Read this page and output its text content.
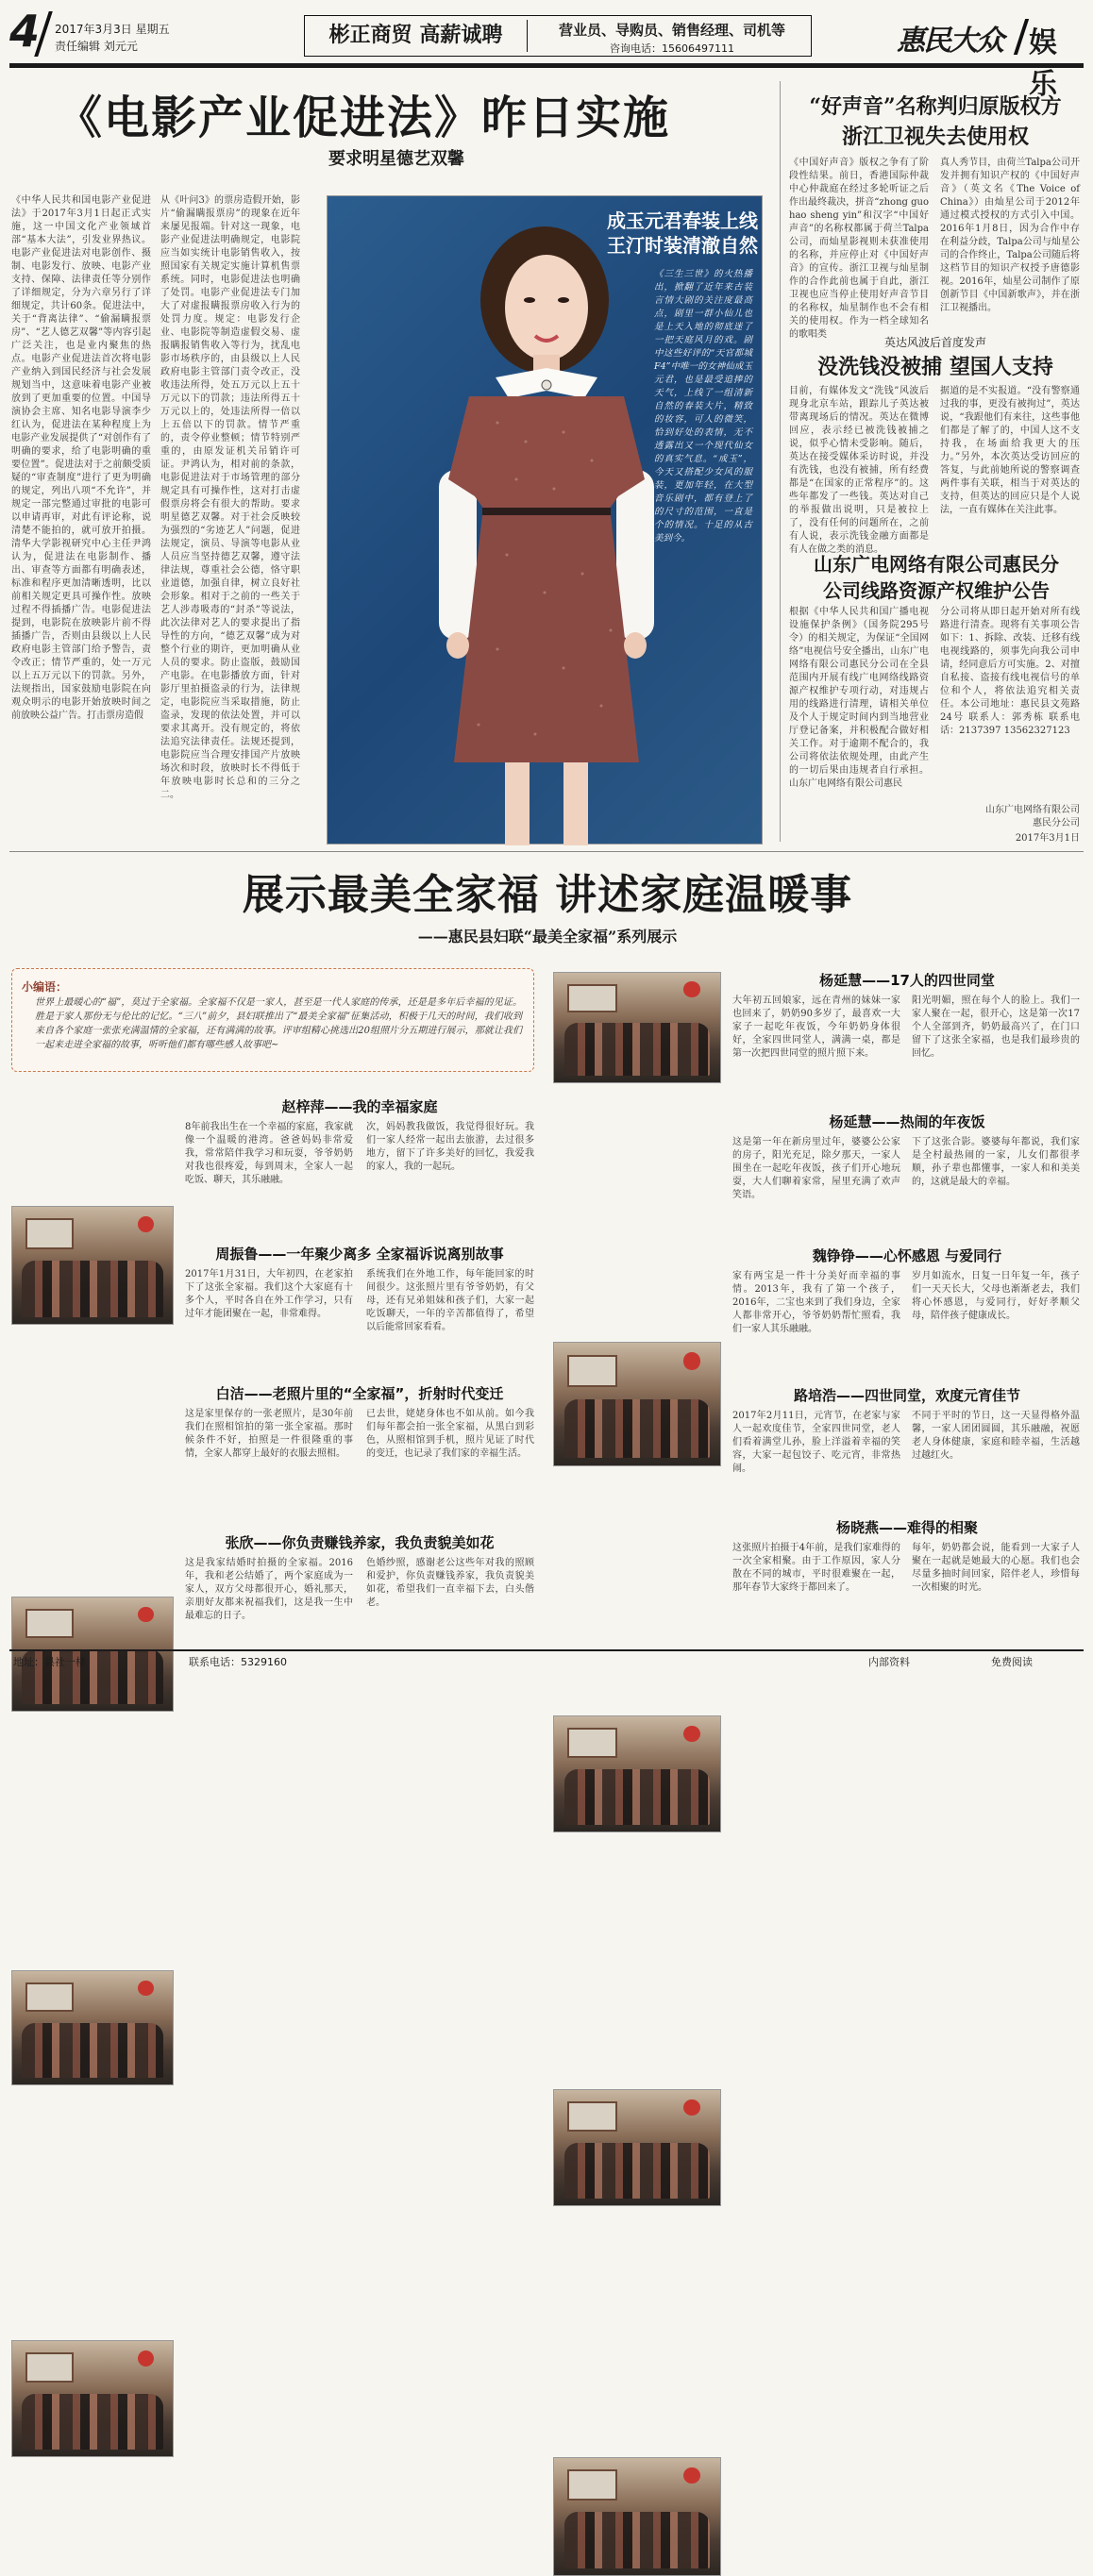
4 2017年3月3日 星期五
责任编辑 刘元元	彬正商贸 高薪诚聘	营业员、导购员、销售经理、司机等
咨询电话：15606497111	惠民大众 娱乐
《电影产业促进法》昨日实施
要求明星德艺双馨
《中华人民共和国电影产业促进法》于2017年3月1日起正式实施，这一中国文化产业领域首部“基本大法”，引发业界热议。电影产业促进法对电影创作、摄制、电影发行、放映、电影产业支持、保障、法律责任等分别作了详细规定，分为六章另行了详细规定，共计60条。促进法中，关于“背离法律”、“偷漏瞒报票房”、“艺人德艺双馨”等内容引起广泛关注，也是业内聚焦的热点。电影产业促进法首次将电影产业纳入到国民经济与社会发展规划当中，这意味着电影产业被放到了更加重要的位置。中国导演协会主席、知名电影导演李少红认为，促进法在某种程度上为电影产业发展提供了“对创作有了明确的要求，给了电影明确的重要位置”。促进法对于之前颇受质疑的“审查制度”进行了更为明确的规定，列出八项“不允许”，并规定一部完整通过审批的电影可以申请再审，对此有评论称，说清楚不能拍的，就可放开拍摄。清华大学影视研究中心主任尹鸿认为，促进法在电影制作、播出、审查等方面都有明确表述，标准和程序更加清晰透明，比以前相关规定更具可操作性。放映过程不得插播广告。电影促进法提到，电影院在放映影片前不得插播广告，否则由县级以上人民政府电影主管部门给予警告，责令改正；情节严重的，处一万元以上五万元以下的罚款。另外，法规指出，国家鼓励电影院在向观众明示的电影开始放映时间之前放映公益广告。打击票房造假
从《叶问3》的票房造假开始，影片“偷漏瞒报票房”的现象在近年来屡见报端。针对这一现象，电影产业促进法明确规定，电影院应当如实统计电影销售收入，按照国家有关规定实施计算机售票系统。同时，电影促进法也明确了处罚。电影产业促进法专门加大了对虚报瞒报票房收入行为的处罚力度。规定：电影发行企业、电影院等制造虚假交易、虚报瞒报销售收入等行为，扰乱电影市场秩序的，由县级以上人民政府电影主管部门责令改正，没收违法所得，处五万元以上五十万元以下的罚款；违法所得五十万元以上的，处违法所得一倍以上五倍以下的罚款。情节严重的，责令停业整顿；情节特别严重的，由原发证机关吊销许可证。尹鸿认为，相对前的条款，电影促进法对于市场管理的部分规定具有可操作性，这对打击虚假票房将会有很大的帮助。要求明星德艺双馨。对于社会反映较为强烈的“劣迹艺人”问题，促进法规定，演员、导演等电影从业人员应当坚持德艺双馨，遵守法律法规，尊重社会公德，恪守职业道德，加强自律，树立良好社会形象。相对于之前的一些关于艺人涉毒吸毒的“封杀”等说法，此次法律对艺人的要求提出了指导性的方向，“德艺双馨”成为对整个行业的期许，更加明确从业人员的要求。防止盗版，鼓励国产电影。在电影播放方面，针对影厅里拍摄盗录的行为，法律规定，电影院应当采取措施，防止盗录，发现的依法处置，并可以要求其离开。没有规定的，将依法追究法律责任。法规还提到，电影院应当合理安排国产片放映场次和时段，放映时长不得低于年放映电影时长总和的三分之二。
成玉元君春装上线
王汀时装清澈自然
《三生三世》的火热播出，掀翻了近年来古装言情大剧的关注度最高点，剧里一群小仙儿也是上天入地的彻底迷了一把天庭风月的戏。剧中这些好评的“天官都城F4”中唯一的女神仙成玉元君，也是最受追捧的天气，上线了一组清新自然的春装大片，精致的妆容，可人的微笑，恰到好处的表情，无不透露出又一个现代仙女的真实气息。“成玉”，今天又搭配少女风的服装，更加年轻，在大型音乐剧中，都有登上了的尺寸的范围，一直是个的情况。十足的从古美到今。
“好声音”名称判归原版权方
浙江卫视失去使用权
《中国好声音》版权之争有了阶段性结果。前日，香港国际仲裁中心仲裁庭在经过多轮听证之后作出最终裁决，拼音“zhong guo hao sheng yin”和汉字“中国好声音”的名称权都属于荷兰Talpa公司，而灿星影视则未获准使用的名称，并应停止对《中国好声音》的宣传。浙江卫视与灿星制作的合作此前也属于自此，浙江卫视也应当停止使用好声音节目的名称权，灿星制作也不会有相关的使用权。作为一档全球知名的歌唱类
真人秀节目，由荷兰Talpa公司开发并拥有知识产权的《中国好声音》（英文名《The Voice of China》）由灿星公司于2012年通过模式授权的方式引入中国。2016年1月8日，因为合作中存在利益分歧，Talpa公司与灿星公司的合作终止，Talpa公司随后将这档节目的知识产权授予唐德影视。2016年，灿星公司制作了原创新节目《中国新歌声》，并在浙江卫视播出。
英达风波后首度发声
没洗钱没被捕 望国人支持
目前，有媒体发文“洗钱”风波后现身北京车站，跟踪儿子英达被带离现场后的情况。英达在微博回应，表示经已被洗钱被捕之说，似乎心情未受影响。随后，英达在接受媒体采访时说，并没有洗钱，也没有被捕，所有经费都是“在国家的正常程序”的。这些年都发了一些钱。英达对自己的举报做出说明，只是被拉上了，没有任何的问题所在，之前有人说，表示洗钱金融方面都是有人在做之类的消息。
据道的是不实报道。“没有警察通过我的事，更没有被拘过”，英达说，“我跟他们有来往，这些事他们都是了解了的，中国人这不支持我，在场面给我更大的压力。”另外，本次英达受访回应的答复，与此前她所说的警察调查两件事有关联，相当于对英达的支持，但英达的回应只是个人说法，一直有媒体在关注此事。
山东广电网络有限公司惠民分
公司线路资源产权维护公告
根据《中华人民共和国广播电视设施保护条例》（国务院295号令）的相关规定，为保证“全国网络”电视信号安全播出，山东广电网络有限公司惠民分公司在全县范围内开展有线广电网络线路资源产权维护专项行动，对违规占用的线路进行清理，请相关单位及个人于规定时间内到当地营业厅登记备案，并积极配合做好相关工作。对于逾期不配合的，我公司将依法依规处理，由此产生的一切后果由违规者自行承担。山东广电网络有限公司惠民
分公司将从即日起开始对所有线路进行清查。现将有关事项公告如下：1、拆除、改装、迁移有线电视线路的，须事先向我公司申请，经同意后方可实施。2、对擅自私接、盗接有线电视信号的单位和个人，将依法追究相关责任。本公司地址：惠民县文苑路24号 联系人：郭秀栋 联系电话：2137397 13562327123
山东广电网络有限公司
惠民分公司
2017年3月1日
展示最美全家福 讲述家庭温暖事
——惠民县妇联“最美全家福”系列展示
小编语：
世界上最暖心的“福”，莫过于全家福。全家福不仅是一家人，甚至是一代人家庭的传承，还是是多年后幸福的见证。胜是于家人那份无与伦比的记忆。“三八”前夕，县妇联推出了“最美全家福”征集活动，积极于几天的时间，我们收到来自各个家庭一张张充满温情的全家福，还有满满的故事。评审组精心挑选出20组照片分五期进行展示，那就让我们一起来走进全家福的故事，听听他们都有哪些感人故事吧~
杨延慧——17人的四世同堂
大年初五回娘家，远在青州的妹妹一家也回来了，奶奶90多岁了，最喜欢一大家子一起吃年夜饭，今年奶奶身体很好，全家四世同堂人，满满一桌，都是第一次把四世同堂的照片照下来。
阳光明媚，照在每个人的脸上。我们一家人聚在一起，很开心，这是第一次17个人全部到齐，奶奶最高兴了，在门口留下了这张全家福，也是我们最珍贵的回忆。
赵梓萍——我的幸福家庭
8年前我出生在一个幸福的家庭，我家就像一个温暖的港湾。爸爸妈妈非常爱我，常常陪伴我学习和玩耍，爷爷奶奶对我也很疼爱，每到周末，全家人一起吃饭、聊天，其乐融融。
次，妈妈教我做饭，我觉得很好玩。我们一家人经常一起出去旅游，去过很多地方，留下了许多美好的回忆，我爱我的家人，我的一起玩。
杨延慧——热闹的年夜饭
这是第一年在新房里过年，婆婆公公家的房子，阳光充足，除夕那天，一家人围坐在一起吃年夜饭，孩子们开心地玩耍，大人们聊着家常，屋里充满了欢声笑语。
下了这张合影。婆婆每年都说，我们家是全村最热闹的一家，儿女们都很孝顺，孙子辈也都懂事，一家人和和美美的，这就是最大的幸福。
周振鲁——一年聚少离多 全家福诉说离别故事
2017年1月31日，大年初四，在老家拍下了这张全家福。我们这个大家庭有十多个人，平时各自在外工作学习，只有过年才能团聚在一起，非常难得。
系统我们在外地工作，每年能回家的时间很少。这张照片里有爷爷奶奶，有父母，还有兄弟姐妹和孩子们，大家一起吃饭聊天，一年的辛苦都值得了，希望以后能常回家看看。
魏铮铮——心怀感恩 与爱同行
家有两宝是一件十分美好而幸福的事情。2013年，我有了第一个孩子，2016年，二宝也来到了我们身边，全家人都非常开心，爷爷奶奶帮忙照看，我们一家人其乐融融。
岁月如流水，日复一日年复一年，孩子们一天天长大，父母也渐渐老去，我们将心怀感恩，与爱同行，好好孝顺父母，陪伴孩子健康成长。
白洁——老照片里的“全家福”，折射时代变迁
这是家里保存的一张老照片，是30年前我们在照相馆拍的第一张全家福。那时候条件不好，拍照是一件很隆重的事情，全家人都穿上最好的衣服去照相。
已去世，姥姥身体也不如从前。如今我们每年都会拍一张全家福，从黑白到彩色，从照相馆到手机，照片见证了时代的变迁，也记录了我们家的幸福生活。
路培浩——四世同堂，欢度元宵佳节
2017年2月11日，元宵节，在老家与家人一起欢度佳节，全家四世同堂，老人们看着满堂儿孙，脸上洋溢着幸福的笑容，大家一起包饺子、吃元宵，非常热闹。
不同于平时的节日，这一天显得格外温馨，一家人团团圆圆，其乐融融，祝愿老人身体健康，家庭和睦幸福，生活越过越红火。
张欣——你负责赚钱养家，我负责貌美如花
这是我家结婚时拍摄的全家福。2016年，我和老公结婚了，两个家庭成为一家人，双方父母都很开心，婚礼那天，亲朋好友都来祝福我们，这是我一生中最难忘的日子。
色婚纱照，感谢老公这些年对我的照顾和爱护，你负责赚钱养家，我负责貌美如花，希望我们一直幸福下去，白头偕老。
杨晓燕——难得的相聚
这张照片拍摄于4年前，是我们家难得的一次全家相聚。由于工作原因，家人分散在不同的城市，平时很难聚在一起，那年春节大家终于都回来了。
每年，奶奶都会说，能看到一大家子人聚在一起就是她最大的心愿。我们也会尽量多抽时间回家，陪伴老人，珍惜每一次相聚的时光。
地址：县社一楼	联系电话：5329160	内部资料	免费阅读
